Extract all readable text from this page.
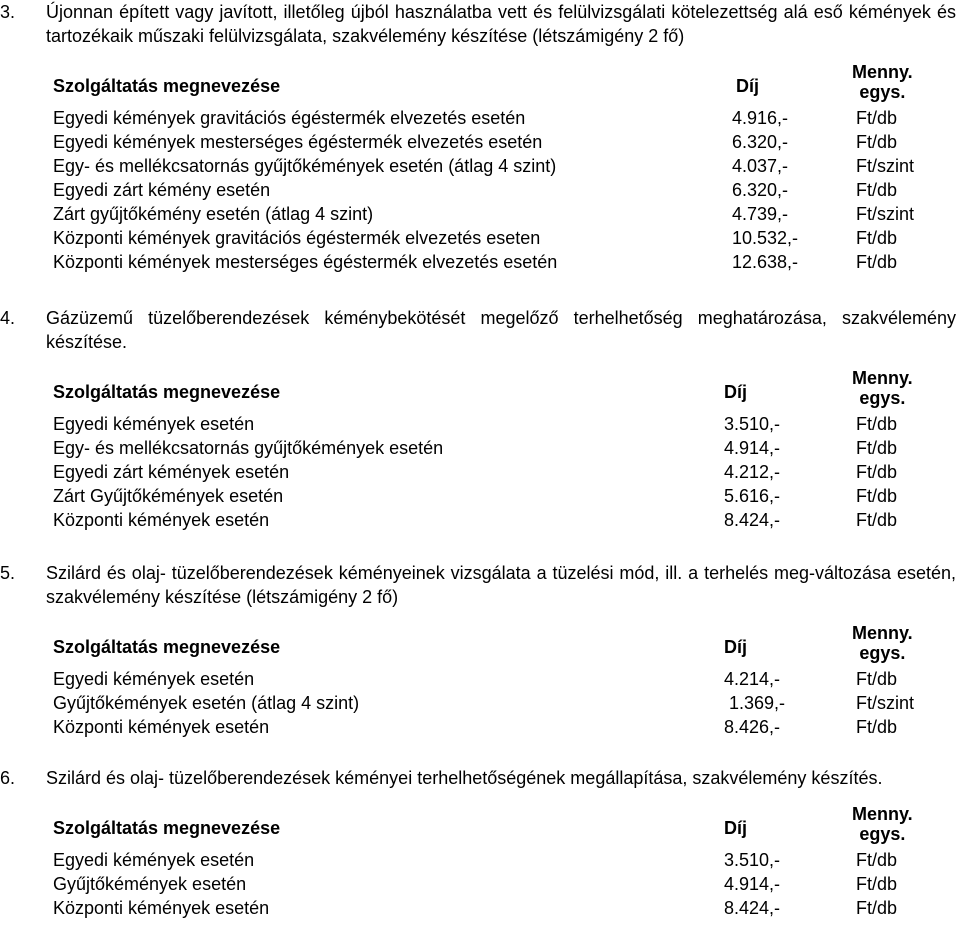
3. Újonnan épített vagy javított, illetőleg újból használatba vett és felülvizsgálati kötelezettség alá eső kémények és tartozékaik műszaki felülvizsgálata, szakvélemény készítése (létszámigény 2 fő)

Szolgáltatás megnevezése	Díj
Menny.
egys.
Egyedi kémények gravitációs égéstermék elvezetés esetén	4.916,-	Ft/db
Egyedi kémények mesterséges égéstermék elvezetés esetén	6.320,-	Ft/db
Egy- és mellékcsatornás gyűjtőkémények esetén (átlag 4 szint)	4.037,-	Ft/szint
Egyedi zárt kémény esetén	6.320,-	Ft/db
Zárt gyűjtőkémény esetén (átlag 4 szint)	4.739,-	Ft/szint
Központi kémények gravitációs égéstermék elvezetés eseten	10.532,-	Ft/db
Központi kémények mesterséges égéstermék elvezetés esetén	12.638,-	Ft/db

4. Gázüzemű tüzelőberendezések kéménybekötését megelőző terhelhetőség meghatározása, szakvélemény készítése.

Szolgáltatás megnevezése	Díj
Menny.
egys.
Egyedi kémények esetén	3.510,-	Ft/db
Egy- és mellékcsatornás gyűjtőkémények esetén	4.914,-	Ft/db
Egyedi zárt kémények esetén	4.212,-	Ft/db
Zárt Gyűjtőkémények esetén	5.616,-	Ft/db
Központi kémények esetén	8.424,-	Ft/db

5. Szilárd és olaj- tüzelőberendezések kéményeinek vizsgálata a tüzelési mód, ill. a terhelés meg-változása esetén, szakvélemény készítése (létszámigény 2 fő)

Szolgáltatás megnevezése	Díj
Menny.
egys.
Egyedi kémények esetén	4.214,-	Ft/db
Gyűjtőkémények esetén (átlag 4 szint)	1.369,-	Ft/szint
Központi kémények esetén	8.426,-	Ft/db

6. Szilárd és olaj- tüzelőberendezések kéményei terhelhetőségének megállapítása, szakvélemény készítés.

Szolgáltatás megnevezése	Díj
Menny.
egys.
Egyedi kémények esetén	3.510,-	Ft/db
Gyűjtőkémények esetén	4.914,-	Ft/db
Központi kémények esetén	8.424,-	Ft/db
